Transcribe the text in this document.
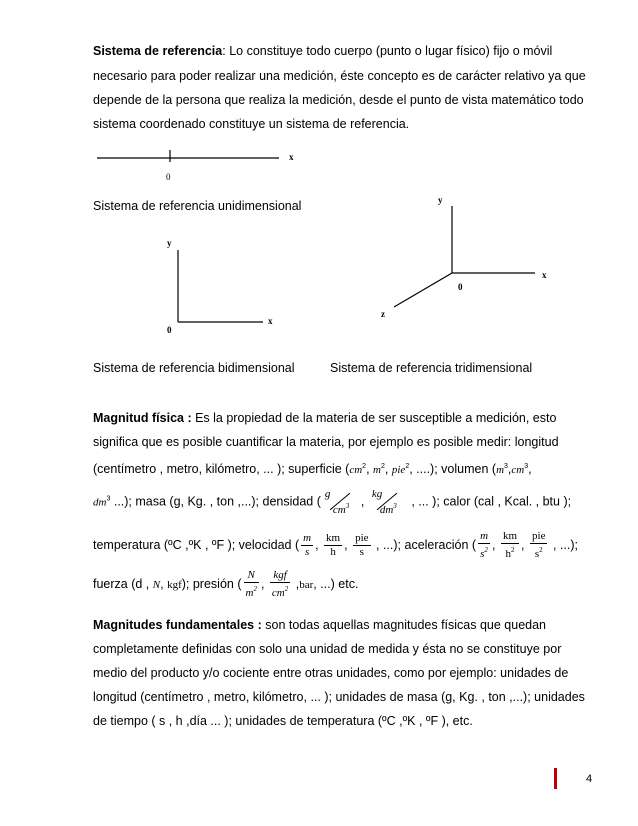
Sistema de referencia: Lo constituye todo cuerpo (punto o lugar físico) fijo o móvil
necesario para poder realizar una medición, éste concepto es de carácter relativo ya que
depende de la persona que realiza la medición, desde el punto de vista matemático todo
sistema coordenado constituye un sistema de referencia.
x
0
y
x
0
y
x
z
0
Sistema de referencia unidimensional
Sistema de referencia bidimensional	Sistema de referencia tridimensional
Magnitud física : Es la propiedad de la materia de ser susceptible a medición, esto
significa que es posible cuantificar la materia, por ejemplo es posible medir: longitud
(centímetro , metro, kilómetro, ... ); superficie ($cm^2$, $m^2$, pie$^2$, ....); volumen ($m^3,cm^3$,
$dm^3$ ...); masa (g, Kg. , ton ,...); densidad (
g
$cm^3$ ,
kg
$dm^3$ , ... ); calor (cal , Kcal. , btu );
temperatura (ºC ,ºK , ºF ); velocidad ( $\frac{m}{s}$ , $\frac{km}{h}$ , $\frac{\text{pie}}{s}$ , ...); aceleración ( $\frac{m}{s^2}$ , $\frac{km}{h^2}$ , $\frac{\text{pie}}{s^2}$ , ...);
fuerza (d , N, kgf); presión ( $\frac{N}{m^2}$ , $\frac{\text{kgf}}{cm^2} ,bar$, ...) etc.
Magnitudes fundamentales : son todas aquellas magnitudes físicas que quedan
completamente definidas con solo una unidad de medida y ésta no se constituye por
medio del producto y/o cociente entre otras unidades, como por ejemplo: unidades de
longitud (centímetro , metro, kilómetro, ... ); unidades de masa (g, Kg. , ton ,...); unidades
de tiempo ( s , h ,día ... ); unidades de temperatura (ºC ,ºK , ºF ), etc.
4
